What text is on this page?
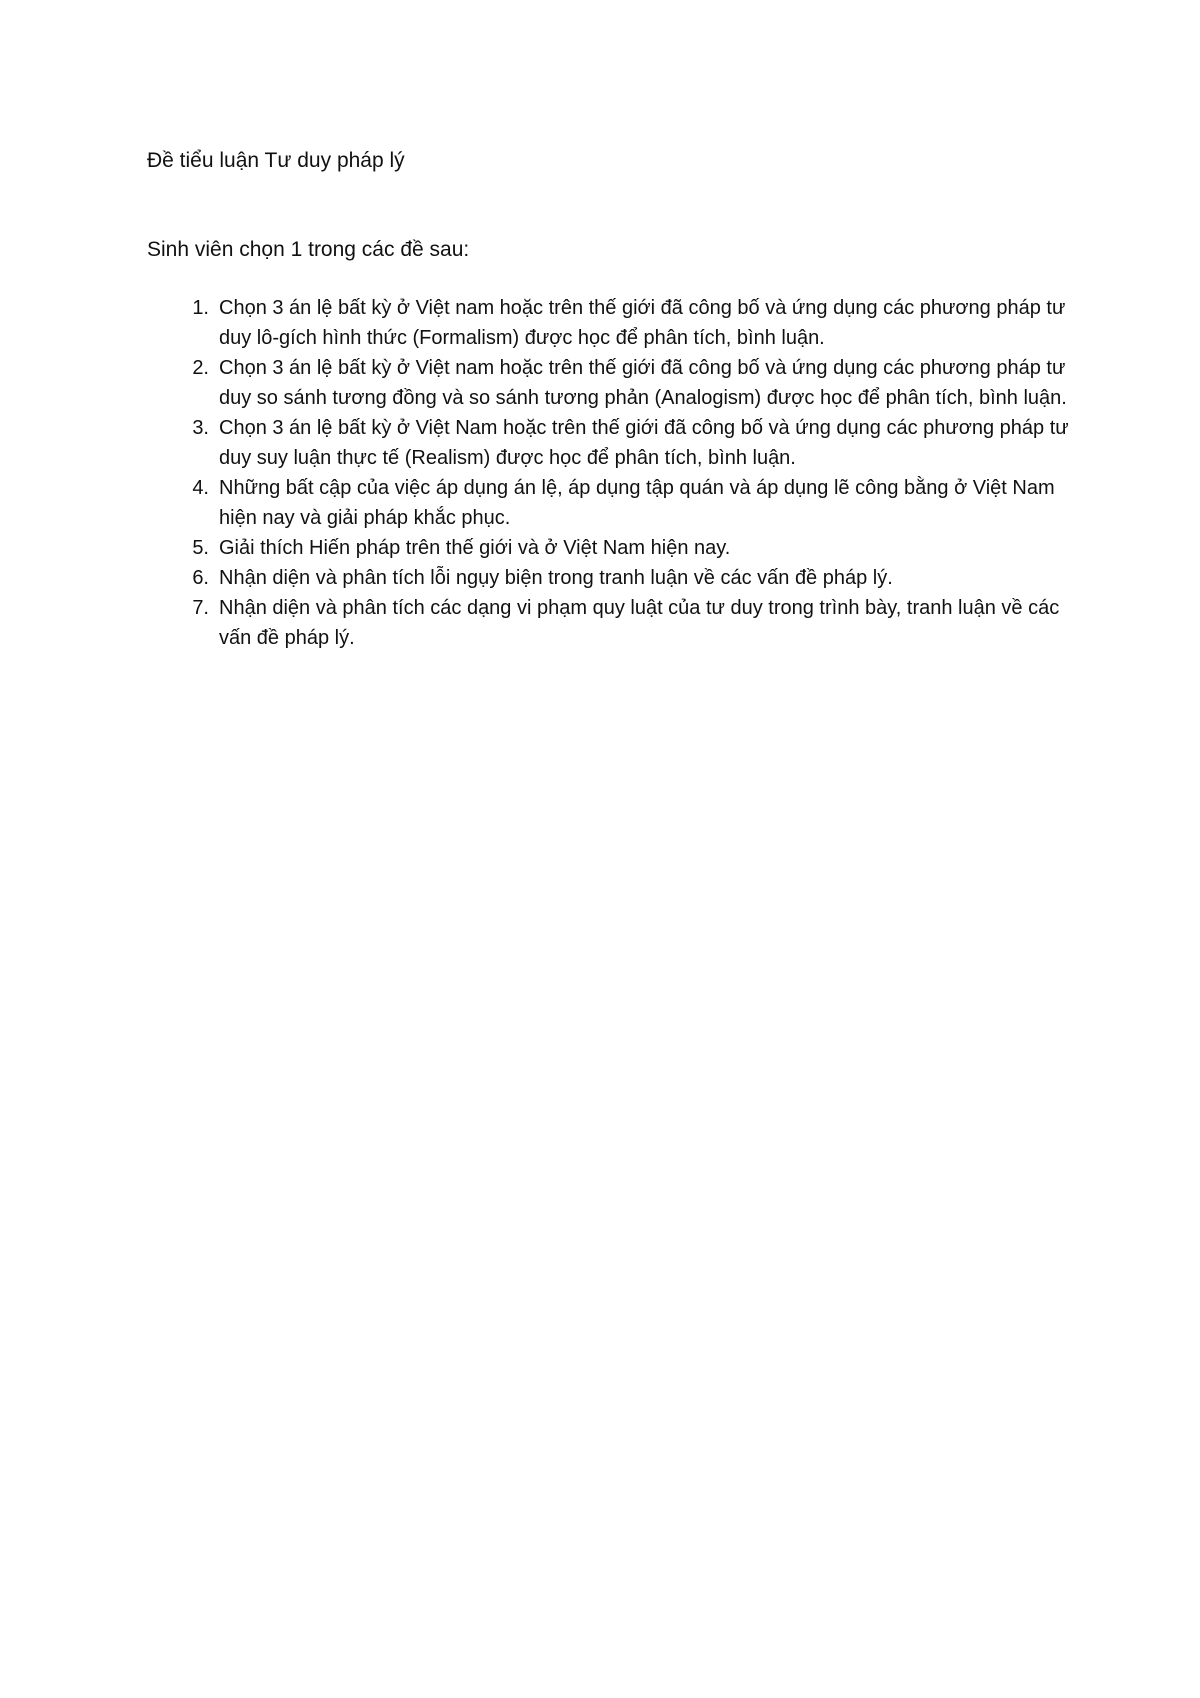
Đề tiểu luận Tư duy pháp lý

Sinh viên chọn 1 trong các đề sau:

1. Chọn 3 án lệ bất kỳ ở Việt nam hoặc trên thế giới đã công bố và ứng dụng các phương pháp tư duy lô-gích hình thức (Formalism) được học để phân tích, bình luận.
2. Chọn 3 án lệ bất kỳ ở Việt nam hoặc trên thế giới đã công bố và ứng dụng các phương pháp tư duy so sánh tương đồng và so sánh tương phản (Analogism) được học để phân tích, bình luận.
3. Chọn 3 án lệ bất kỳ ở Việt Nam hoặc trên thế giới đã công bố và ứng dụng các phương pháp tư duy suy luận thực tế (Realism) được học để phân tích, bình luận.
4. Những bất cập của việc áp dụng án lệ, áp dụng tập quán và áp dụng lẽ công bằng ở Việt Nam hiện nay và giải pháp khắc phục.
5. Giải thích Hiến pháp trên thế giới và ở Việt Nam hiện nay.
6. Nhận diện và phân tích lỗi ngụy biện trong tranh luận về các vấn đề pháp lý.
7. Nhận diện và phân tích các dạng vi phạm quy luật của tư duy trong trình bày, tranh luận về các vấn đề pháp lý.
